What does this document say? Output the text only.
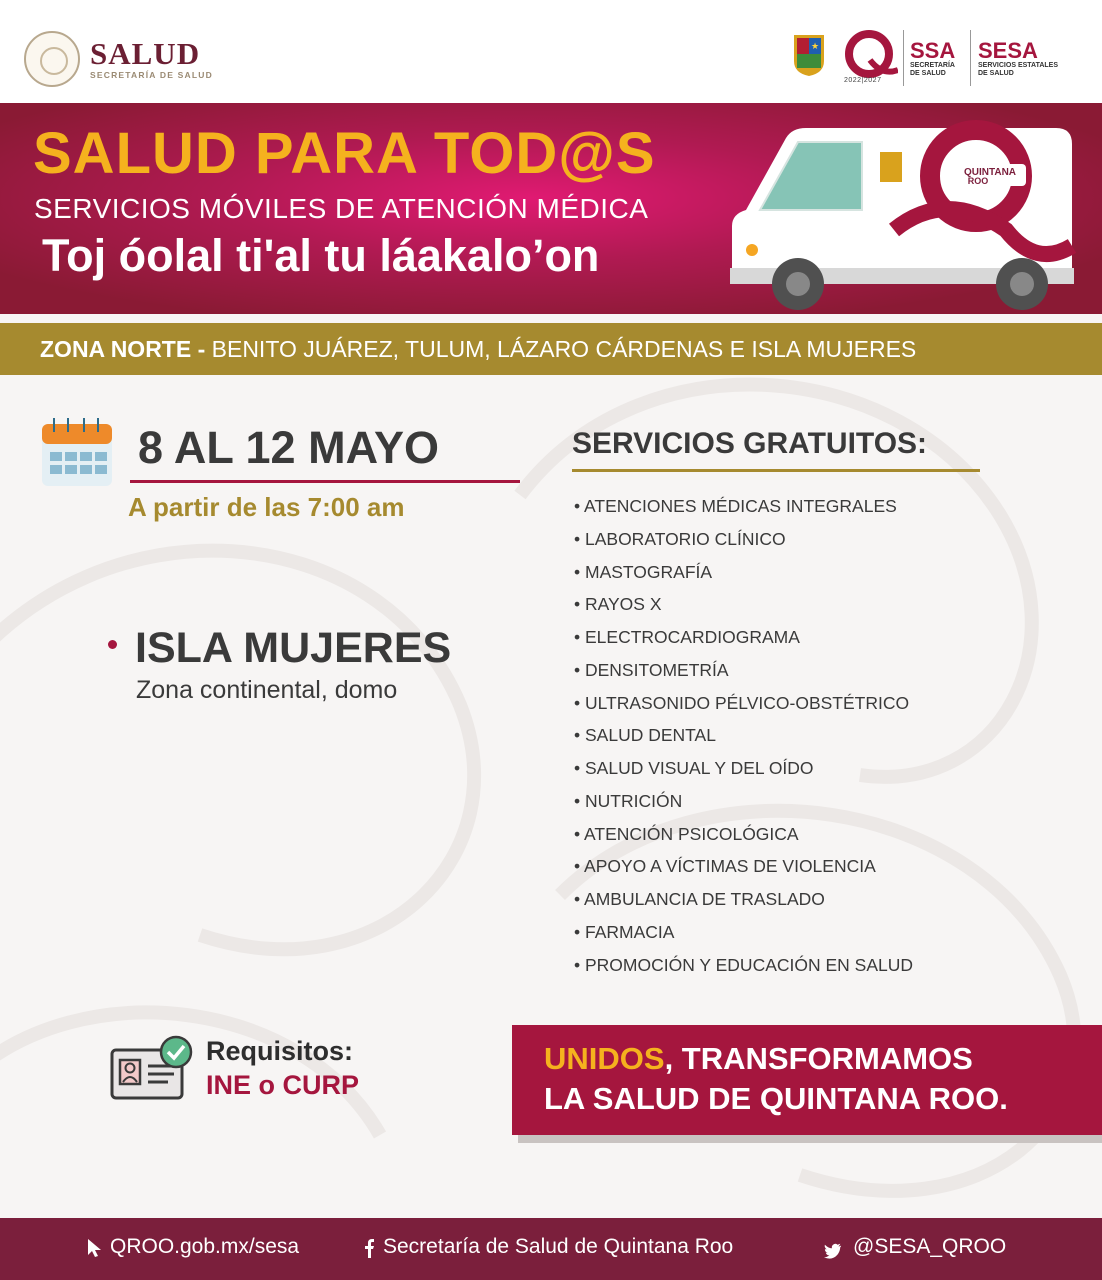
SALUD
SECRETARÍA DE SALUD
★
2022|2027
SSA
SECRETARÍA
DE SALUD
SESA
SERVICIOS ESTATALES
DE SALUD
SALUD PARA TOD@S
SERVICIOS MÓVILES DE ATENCIÓN MÉDICA
Toj óolal ti'al tu láakalo’on
QUINTANA
ROO
ZONA NORTE - BENITO JUÁREZ, TULUM, LÁZARO CÁRDENAS E ISLA MUJERES
8 AL 12 MAYO
A partir de las 7:00 am
ISLA MUJERES
Zona continental, domo
SERVICIOS GRATUITOS:
• ATENCIONES MÉDICAS INTEGRALES
• LABORATORIO CLÍNICO
• MASTOGRAFÍA
• RAYOS X
• ELECTROCARDIOGRAMA
• DENSITOMETRÍA
• ULTRASONIDO PÉLVICO-OBSTÉTRICO
• SALUD DENTAL
• SALUD VISUAL Y DEL OÍDO
• NUTRICIÓN
• ATENCIÓN PSICOLÓGICA
• APOYO A VÍCTIMAS DE VIOLENCIA
• AMBULANCIA DE TRASLADO
• FARMACIA
• PROMOCIÓN Y EDUCACIÓN EN SALUD
Requisitos:
INE o CURP
UNIDOS, TRANSFORMAMOS
LA SALUD DE QUINTANA ROO.
QROO.gob.mx/sesa	Secretaría de Salud de Quintana Roo	@SESA_QROO
